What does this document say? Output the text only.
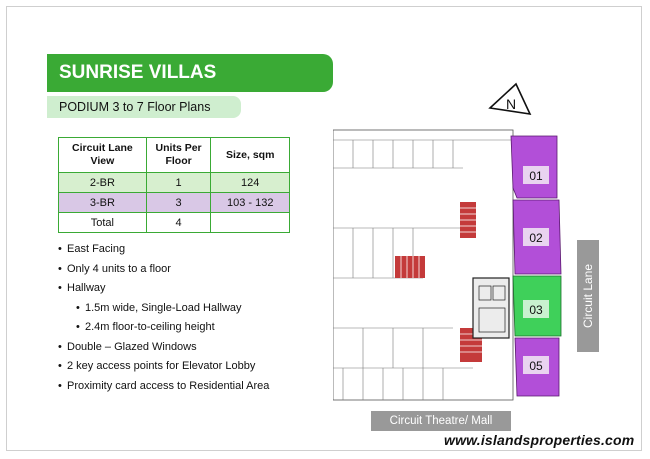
SUNRISE VILLAS
PODIUM 3 to 7 Floor Plans
Circuit Lane View	Units Per Floor	Size, sqm
2-BR	1	124
3-BR	3	103 - 132
Total	4	
• East Facing
• Only 4 units to a floor
• Hallway
• 1.5m wide, Single-Load Hallway
• 2.4m floor-to-ceiling height
• Double – Glazed Windows
• 2 key access points for Elevator Lobby
• Proximity card access to Residential Area
N
01
02
03
05
Circuit Lane
Circuit Theatre/ Mall
www.islandsproperties.com
